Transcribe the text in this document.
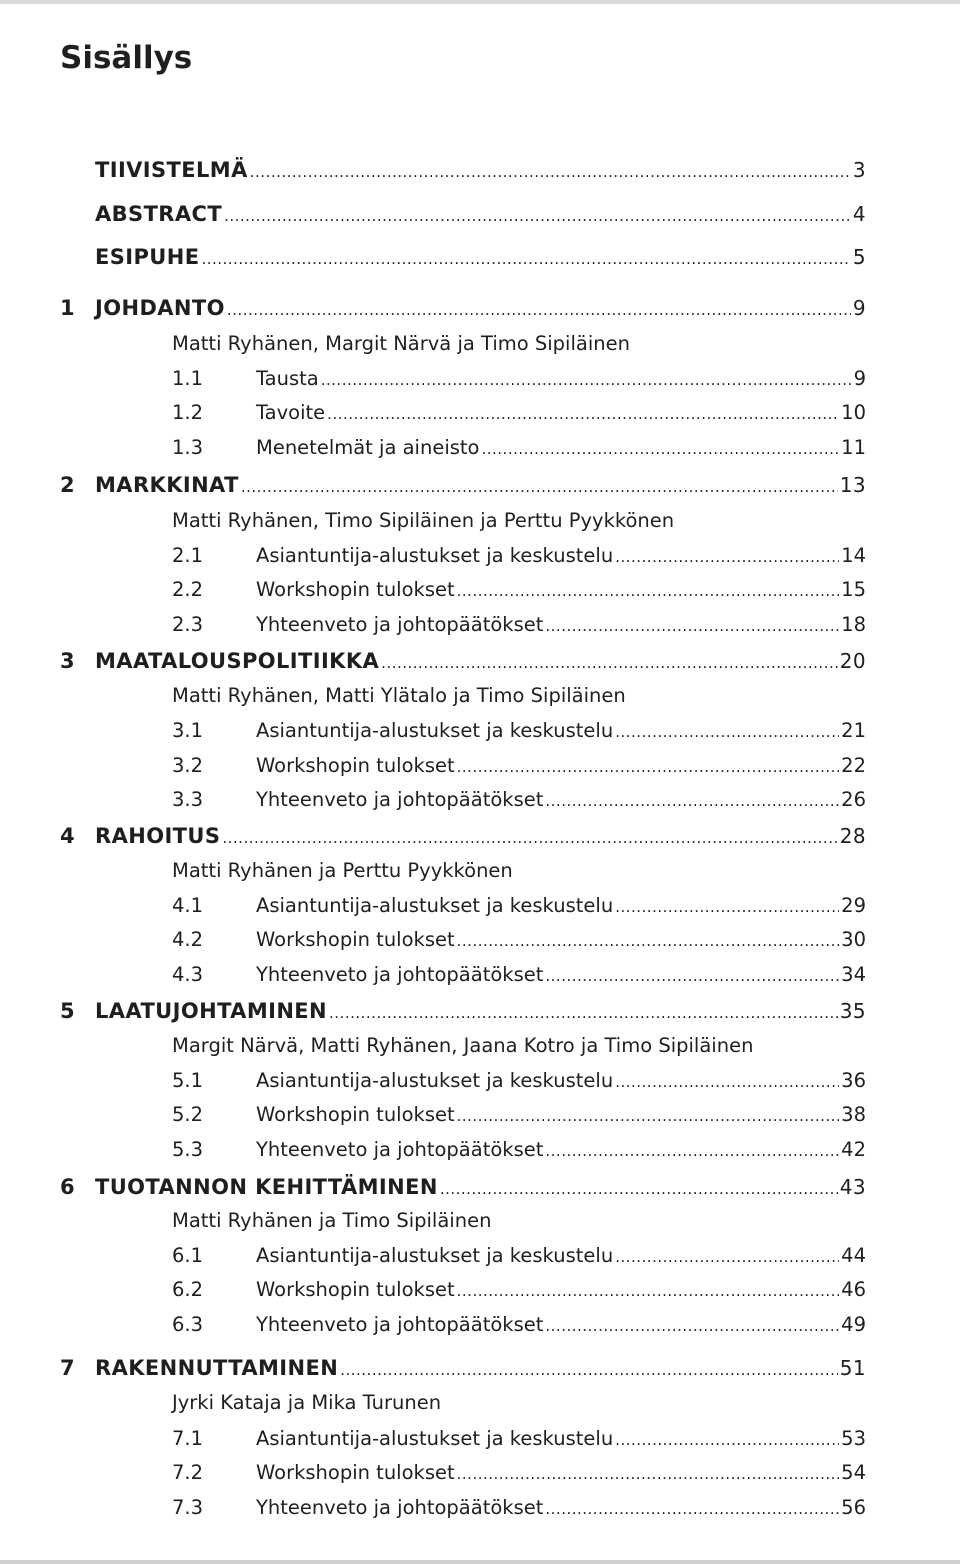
Sisällys
TIIVISTELMÄ .....	3
ABSTRACT .....	4
ESIPUHE .....	5
1 JOHDANTO .....	9
Matti Ryhänen, Margit Närvä ja Timo Sipiläinen
1.1	Tausta .....	9
1.2	Tavoite .....	10
1.3	Menetelmät ja aineisto .....	11
2 MARKKINAT .....	13
Matti Ryhänen, Timo Sipiläinen ja Perttu Pyykkönen
2.1	Asiantuntija-alustukset ja keskustelu .....	14
2.2	Workshopin tulokset .....	15
2.3	Yhteenveto ja johtopäätökset .....	18
3 MAATALOUSPOLITIIKKA .....	20
Matti Ryhänen, Matti Ylätalo ja Timo Sipiläinen
3.1	Asiantuntija-alustukset ja keskustelu .....	21
3.2	Workshopin tulokset .....	22
3.3	Yhteenveto ja johtopäätökset .....	26
4 RAHOITUS .....	28
Matti Ryhänen ja Perttu Pyykkönen
4.1	Asiantuntija-alustukset ja keskustelu .....	29
4.2	Workshopin tulokset .....	30
4.3	Yhteenveto ja johtopäätökset .....	34
5 LAATUJOHTAMINEN .....	35
Margit Närvä, Matti Ryhänen, Jaana Kotro ja Timo Sipiläinen
5.1	Asiantuntija-alustukset ja keskustelu .....	36
5.2	Workshopin tulokset .....	38
5.3	Yhteenveto ja johtopäätökset .....	42
6 TUOTANNON KEHITTÄMINEN .....	43
Matti Ryhänen ja Timo Sipiläinen
6.1	Asiantuntija-alustukset ja keskustelu .....	44
6.2	Workshopin tulokset .....	46
6.3	Yhteenveto ja johtopäätökset .....	49
7 RAKENNUTTAMINEN .....	51
Jyrki Kataja ja Mika Turunen
7.1	Asiantuntija-alustukset ja keskustelu .....	53
7.2	Workshopin tulokset .....	54
7.3	Yhteenveto ja johtopäätökset .....	56
